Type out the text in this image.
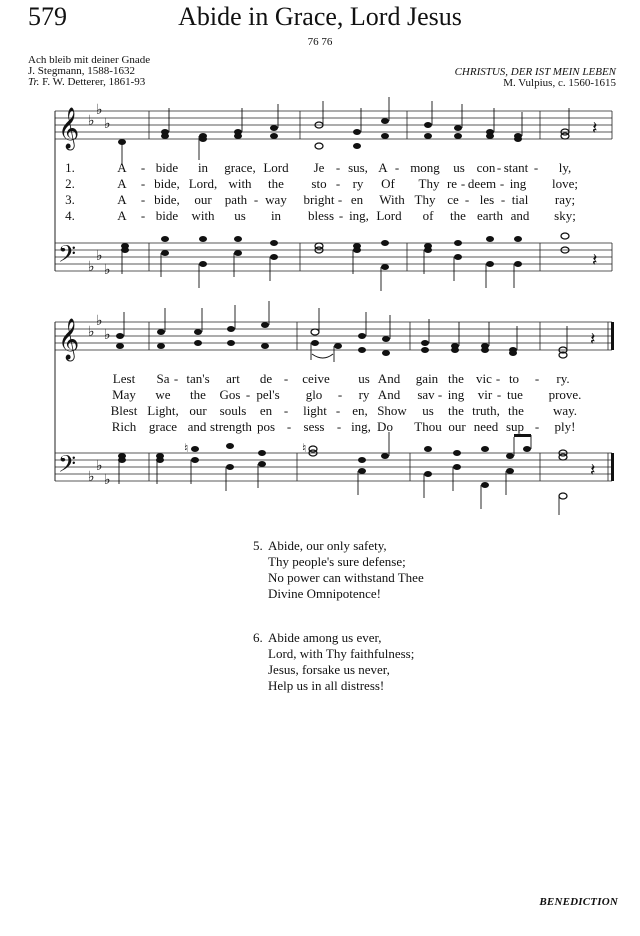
579	Abide in Grace, Lord Jesus
76 76
Ach bleib mit deiner Gnade
J. Stegmann, 1588-1632
Tr. F. W. Detterer, 1861-93
CHRISTUS, DER IST MEIN LEBEN
M. Vulpius, c. 1560-1615
𝄞
𝄢
𝄞
𝄢
♭
♭
♭
♭
♭
♭
♭
♭
♭
♭
♭
♭
𝄽
𝄽
𝄽
𝄽
♮	♮
1.	A - bide in grace, Lord Je - sus, A - mong us con - stant - ly,
2.	A - bide, Lord, with the sto - ry Of Thy re - deem - ing love;
3.	A - bide, our path - way bright - en With Thy ce - les - tial ray;
4.	A - bide with us in bless - ing, Lord of the earth and sky;
Lest Sa - tan's art de - ceive us And gain the vic - to - ry.
May we the Gos - pel's glo - ry And sav - ing vir - tue prove.
Blest Light, our souls en - light - en, Show us the truth, the way.
Rich grace and strength pos - sess - ing, Do Thou our need sup - ply!
5. Abide, our only safety,
Thy people's sure defense;
No power can withstand Thee
Divine Omnipotence!
6. Abide among us ever,
Lord, with Thy faithfulness;
Jesus, forsake us never,
Help us in all distress!
BENEDICTION
